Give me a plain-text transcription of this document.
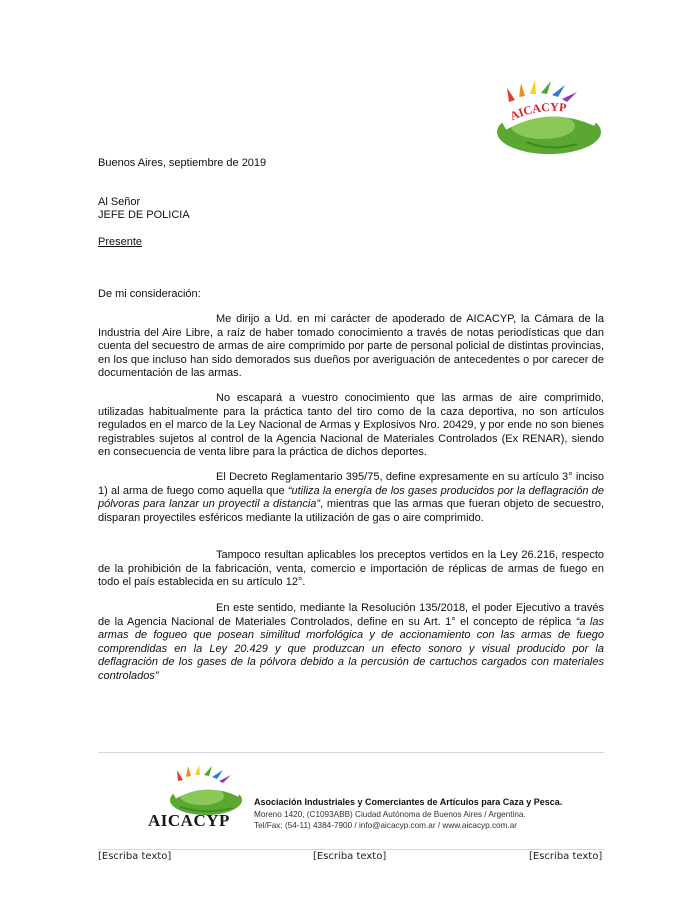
AICACYP
Buenos Aires, septiembre de 2019
Al Señor
JEFE DE POLICIA
Presente
De mi consideración:
Me dirijo a Ud. en mi carácter de apoderado de AICACYP, la Cámara de la Industria del Aire Libre, a raíz de haber tomado conocimiento a través de notas periodísticas que dan cuenta del secuestro de armas de aire comprimido por parte de personal policial de distintas provincias, en los que incluso han sido demorados sus dueños por averiguación de antecedentes o por carecer de documentación de las armas.
No escapará a vuestro conocimiento que las armas de aire comprimido, utilizadas habitualmente para la práctica tanto del tiro como de la caza deportiva, no son artículos regulados en el marco de la Ley Nacional de Armas y Explosivos Nro. 20429, y por ende no son bienes registrables sujetos al control de la Agencia Nacional de Materiales Controlados (Ex RENAR), siendo en consecuencia de venta libre para la práctica de dichos deportes.
El Decreto Reglamentario 395/75, define expresamente en su artículo 3° inciso 1) al arma de fuego como aquella que “utiliza la energía de los gases producidos por la deflagración de pólvoras para lanzar un proyectil a distancia”, mientras que las armas que fueran objeto de secuestro, disparan proyectiles esféricos mediante la utilización de gas o aire comprimido.
Tampoco resultan aplicables los preceptos vertidos en la Ley 26.216, respecto de la prohibición de la fabricación, venta, comercio e importación de réplicas de armas de fuego en todo el país establecida en su artículo 12°.
En este sentido, mediante la Resolución 135/2018, el poder Ejecutivo a través de la Agencia Nacional de Materiales Controlados, define en su Art. 1° el concepto de réplica “a las armas de fogueo que posean similitud morfológica y de accionamiento con las armas de fuego comprendidas en la Ley 20.429 y que produzcan un efecto sonoro y visual producido por la deflagración de los gases de la pólvora debido a la percusión de cartuchos cargados con materiales controlados”
AICACYP
Asociación Industriales y Comerciantes de Artículos para Caza y Pesca.
Moreno 1420, (C1093ABB) Ciudad Autónoma de Buenos Aires / Argentina.
Tel/Fax: (54-11) 4384-7900 / info@aicacyp.com.ar / www.aicacyp.com.ar
[Escriba texto]	[Escriba texto]	[Escriba texto]
